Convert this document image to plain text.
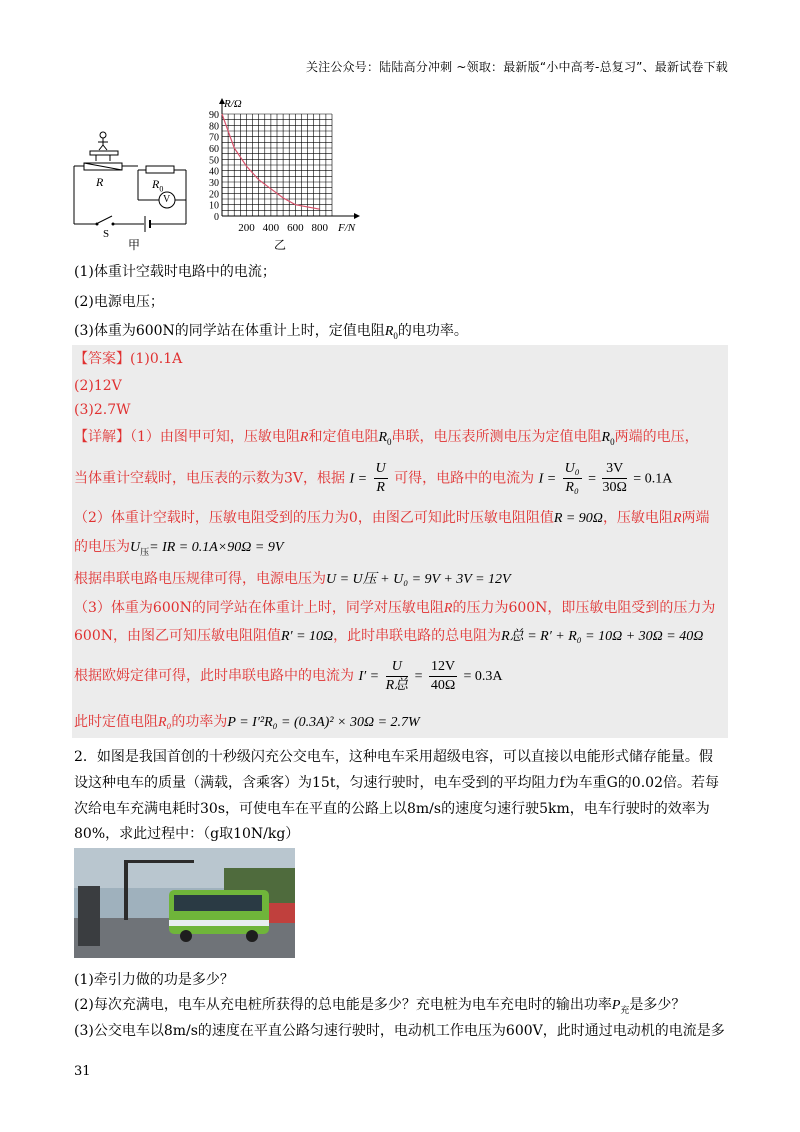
关注公众号：陆陆高分冲刺 ~领取：最新版“小中高考-总复习”、最新试卷下载
R	$R_0$
V
S
甲
R/Ω
90
80
70
60
50
40
30
20
10
0
200 400 600 800 F/N
乙
(1)体重计空载时电路中的电流；
(2)电源电压；
(3)体重为600N的同学站在体重计上时，定值电阻$R_0$的电功率。
【答案】(1)0.1A
(2)12V
(3)2.7W
【详解】（1）由图甲可知，压敏电阻R和定值电阻$R_0$串联，电压表所测电压为定值电阻$R_0$两端的电压，
当体重计空载时，电压表的示数为3V，根据 $I = \frac{U}{R}$ 可得，电路中的电流为 $I = \frac{\text{U₀}}{\text{R₀}} = \frac{3V}{30\Omega} = 0.1A$
（2）体重计空载时，压敏电阻受到的压力为0，由图乙可知此时压敏电阻阻值R = 90Ω，压敏电阻R两端
的电压为$U_压=$ IR = 0.1A×90Ω = 9V
根据串联电路电压规律可得，电源电压为U = U压 + U₀ = 9V + 3V = 12V
（3）体重为600N的同学站在体重计上时，同学对压敏电阻R的压力为600N，即压敏电阻受到的压力为
600N，由图乙可知压敏电阻阻值R′ = 10Ω，此时串联电路的总电阻为R总 = R′ + R₀ = 10Ω + 30Ω = 40Ω
根据欧姆定律可得，此时串联电路中的电流为 $I' = \frac{U}{\text{R总}} = \frac{12V}{40\Omega} = 0.3A$
此时定值电阻R₀的功率为P = I′²R₀ = (0.3A)² × 30Ω = 2.7W
2．如图是我国首创的十秒级闪充公交电车，这种电车采用超级电容，可以直接以电能形式储存能量。假
设这种电车的质量（满载，含乘客）为15t，匀速行驶时，电车受到的平均阻力f为车重G的0.02倍。若每
次给电车充满电耗时30s，可使电车在平直的公路上以8m/s的速度匀速行驶5km，电车行驶时的效率为
80%，求此过程中：（g取10N/kg）
(1)牵引力做的功是多少？
(2)每次充满电，电车从充电桩所获得的总电能是多少？充电桩为电车充电时的输出功率$P_充$是多少？
(3)公交电车以8m/s的速度在平直公路匀速行驶时，电动机工作电压为600V，此时通过电动机的电流是多
31
